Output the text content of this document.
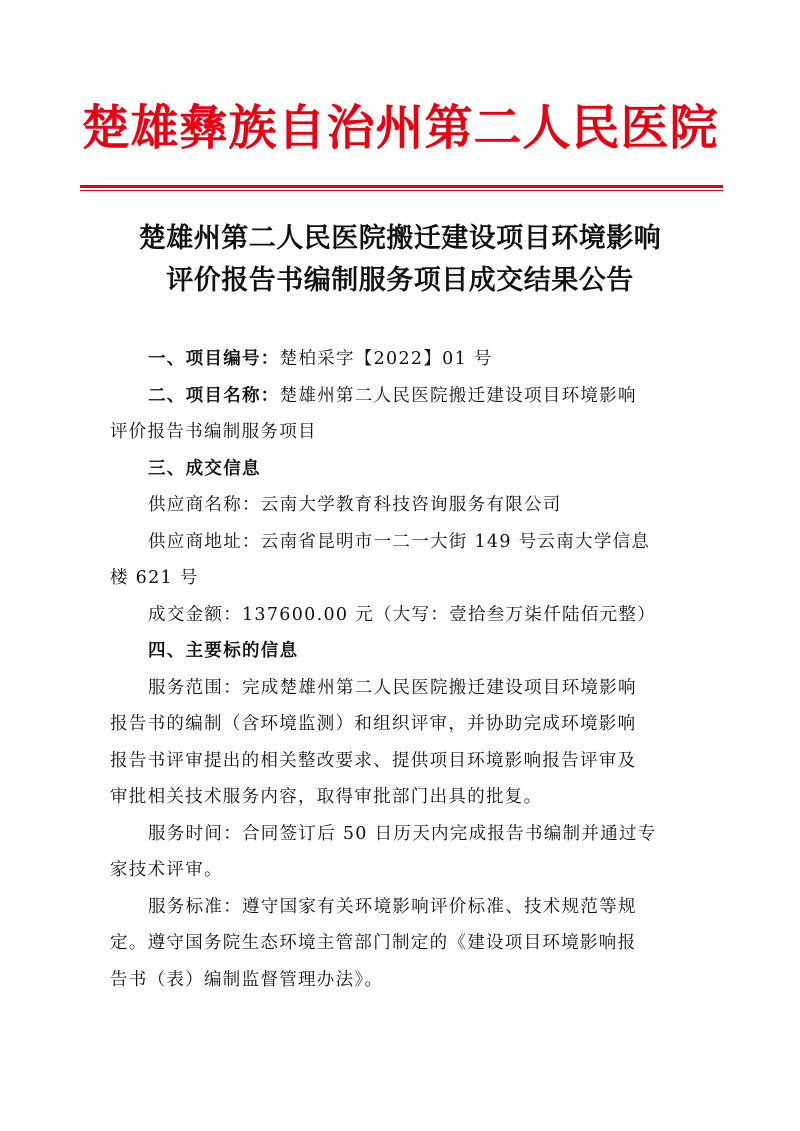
楚雄彝族自治州第二人民医院
楚雄州第二人民医院搬迁建设项目环境影响
评价报告书编制服务项目成交结果公告
一、项目编号：楚柏采字【2022】01 号
二、项目名称：楚雄州第二人民医院搬迁建设项目环境影响
评价报告书编制服务项目
三、成交信息
供应商名称：云南大学教育科技咨询服务有限公司
供应商地址：云南省昆明市一二一大街 149 号云南大学信息
楼 621 号
成交金额：137600.00 元（大写：壹拾叁万柒仟陆佰元整）
四、主要标的信息
服务范围：完成楚雄州第二人民医院搬迁建设项目环境影响
报告书的编制（含环境监测）和组织评审，并协助完成环境影响
报告书评审提出的相关整改要求、提供项目环境影响报告评审及
审批相关技术服务内容，取得审批部门出具的批复。
服务时间：合同签订后 50 日历天内完成报告书编制并通过专
家技术评审。
服务标准：遵守国家有关环境影响评价标准、技术规范等规
定。遵守国务院生态环境主管部门制定的《建设项目环境影响报
告书（表）编制监督管理办法》。
